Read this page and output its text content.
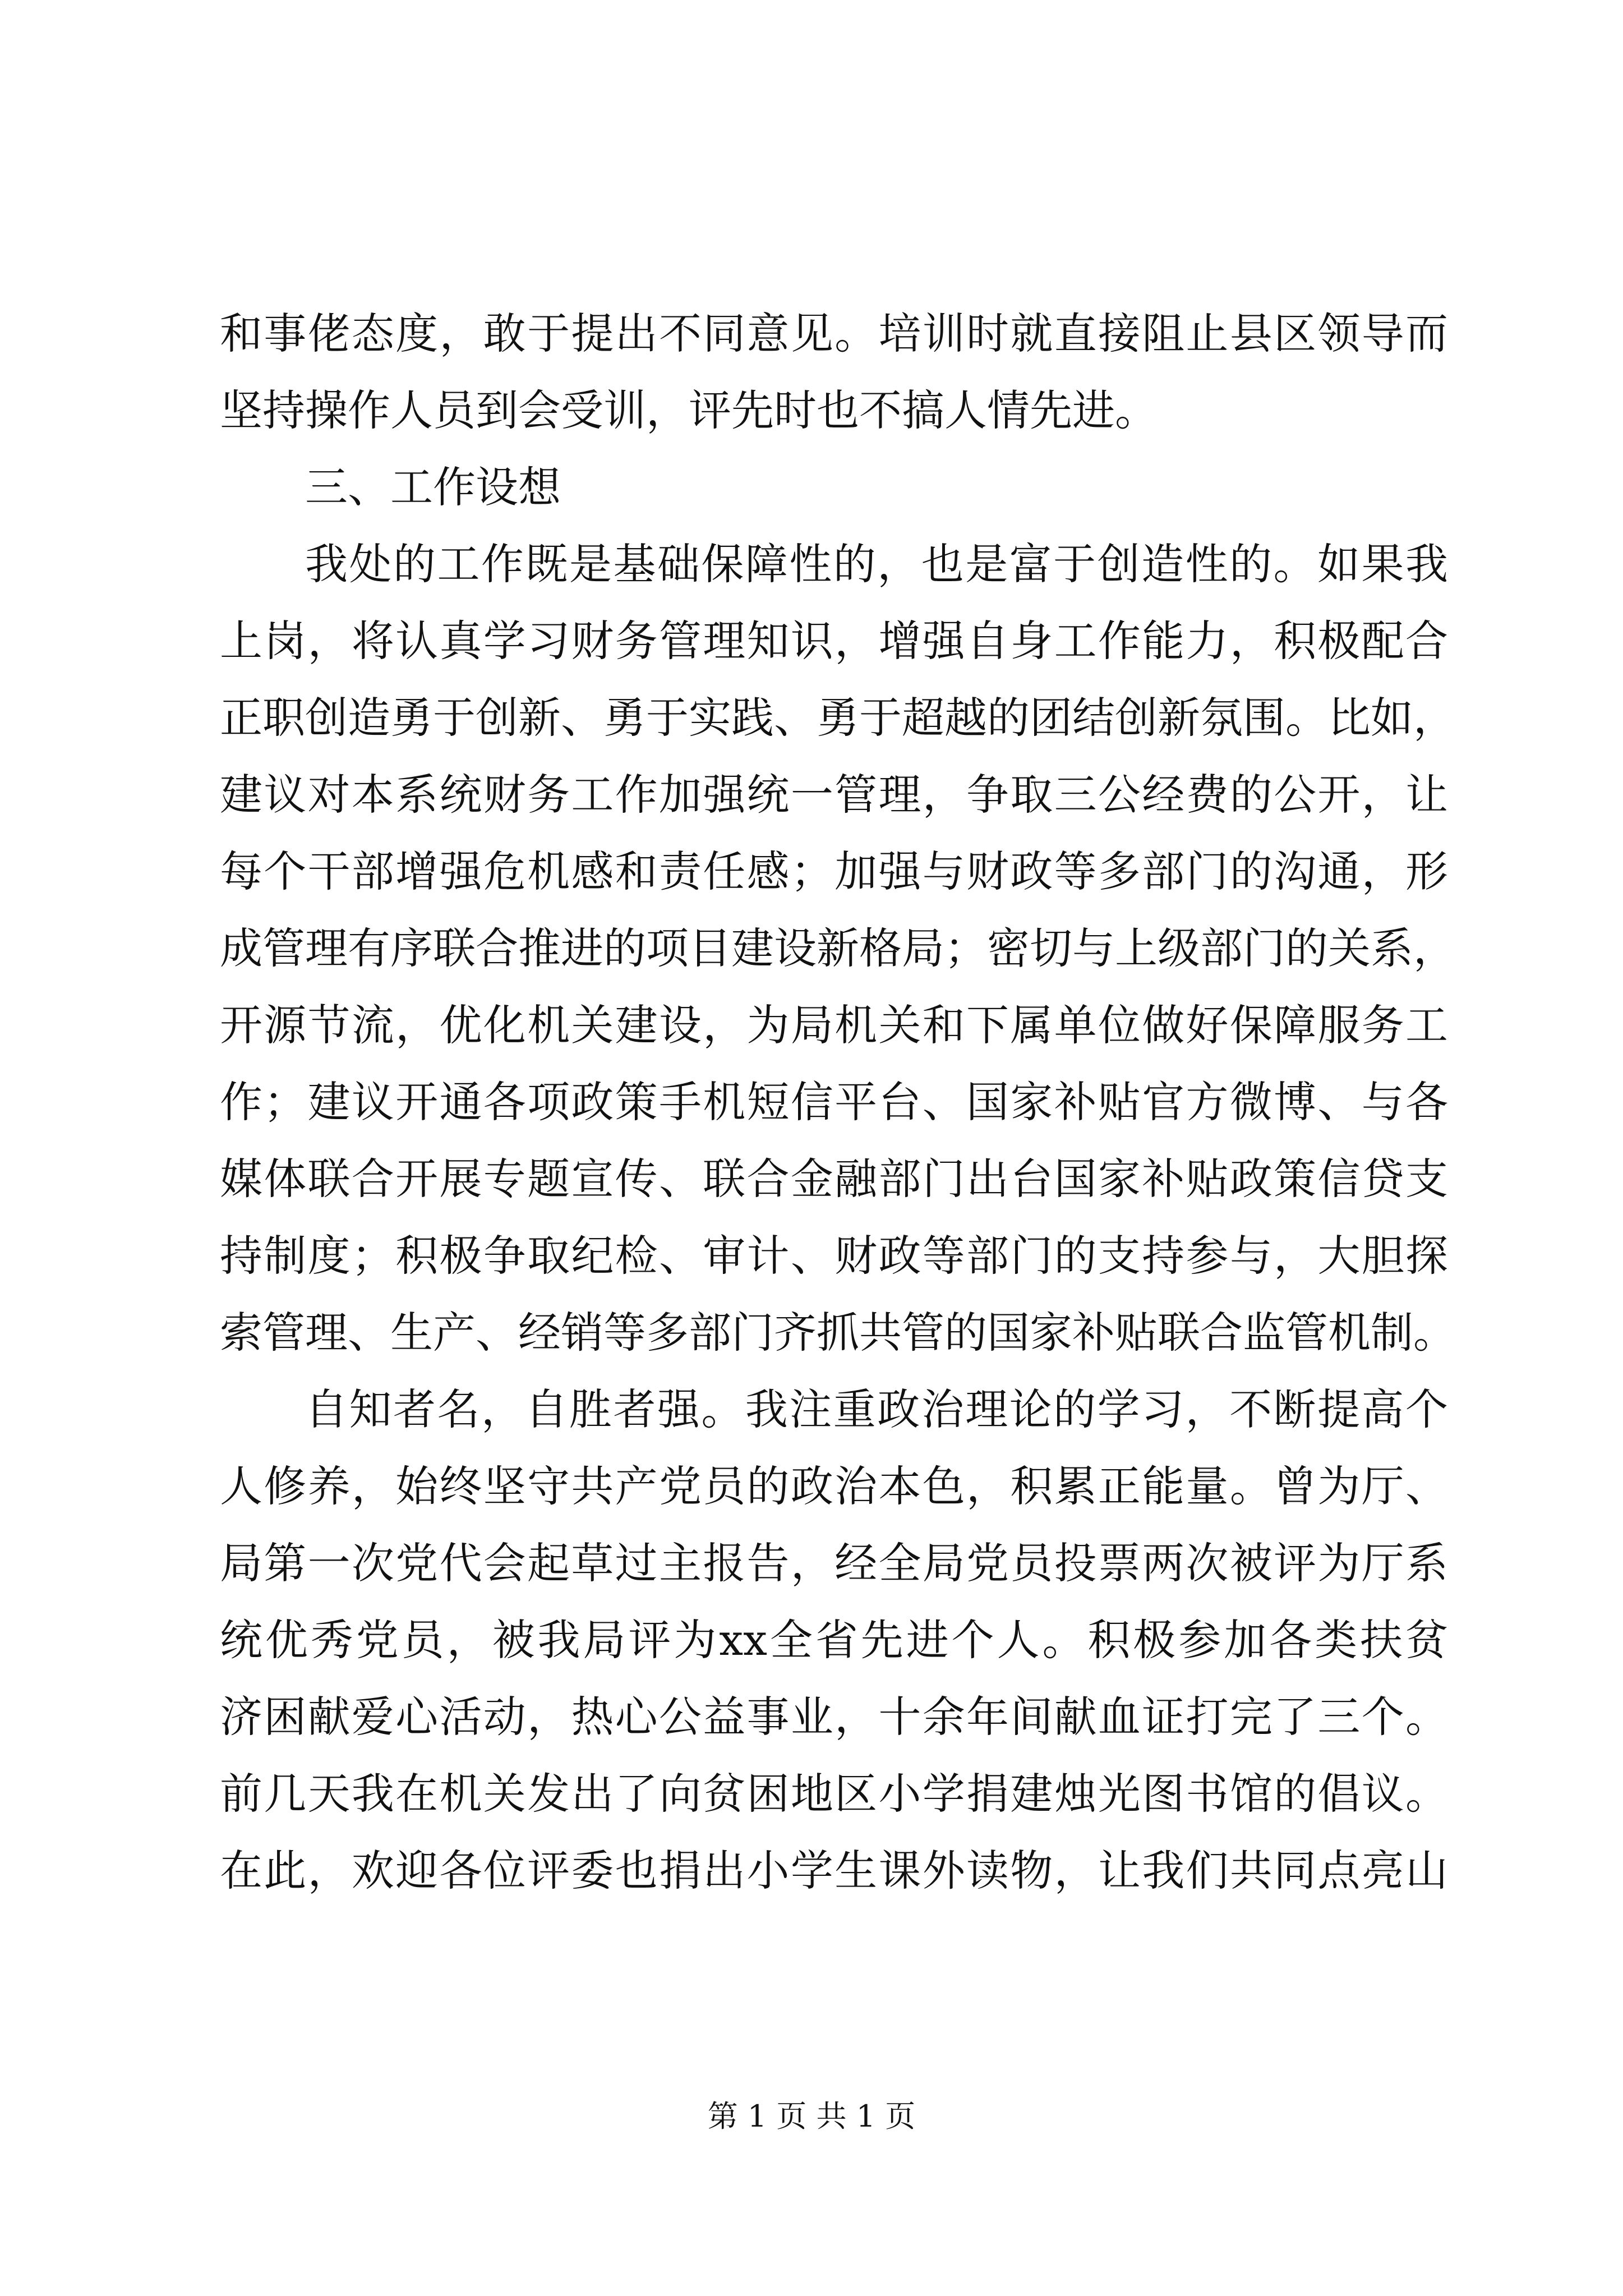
和事佬态度，敢于提出不同意见。培训时就直接阻止县区领导而
坚持操作人员到会受训，评先时也不搞人情先进。
三、工作设想
我处的工作既是基础保障性的，也是富于创造性的。如果我
上岗，将认真学习财务管理知识，增强自身工作能力，积极配合
正职创造勇于创新、勇于实践、勇于超越的团结创新氛围。比如，
建议对本系统财务工作加强统一管理，争取三公经费的公开，让
每个干部增强危机感和责任感；加强与财政等多部门的沟通，形
成管理有序联合推进的项目建设新格局；密切与上级部门的关系，
开源节流，优化机关建设，为局机关和下属单位做好保障服务工
作；建议开通各项政策手机短信平台、国家补贴官方微博、与各
媒体联合开展专题宣传、联合金融部门出台国家补贴政策信贷支
持制度；积极争取纪检、审计、财政等部门的支持参与，大胆探
索管理、生产、经销等多部门齐抓共管的国家补贴联合监管机制。
自知者名，自胜者强。我注重政治理论的学习，不断提高个
人修养，始终坚守共产党员的政治本色，积累正能量。曾为厅、
局第一次党代会起草过主报告，经全局党员投票两次被评为厅系
统优秀党员，被我局评为xx全省先进个人。积极参加各类扶贫
济困献爱心活动，热心公益事业，十余年间献血证打完了三个。
前几天我在机关发出了向贫困地区小学捐建烛光图书馆的倡议。
在此，欢迎各位评委也捐出小学生课外读物，让我们共同点亮山
第 1 页 共 1 页
